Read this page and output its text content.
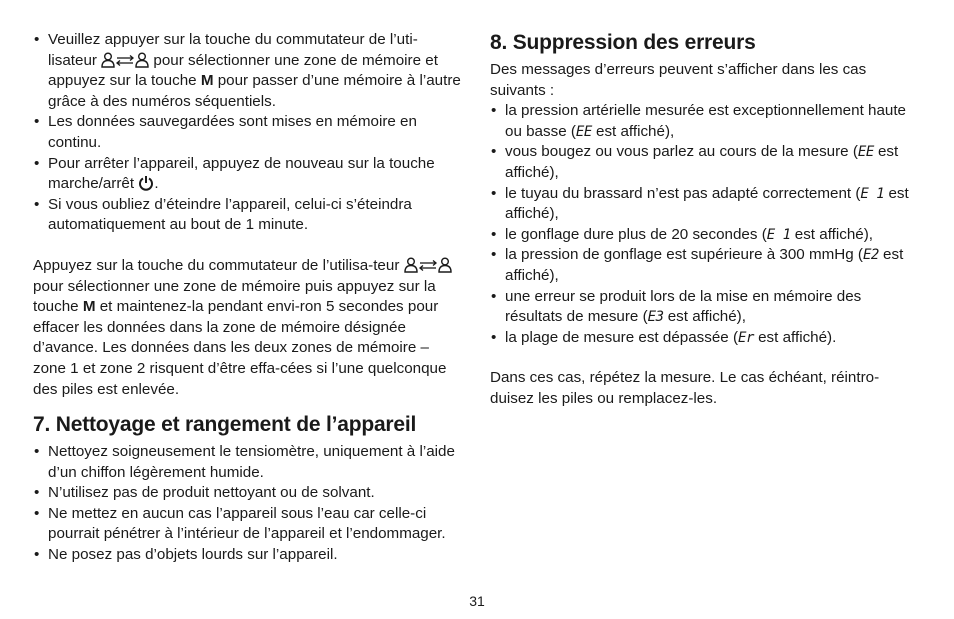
• Veuillez appuyer sur la touche du commutateur de l’uti-lisateur	pour sélectionner une zone de mémoire et appuyez sur la touche M pour passer d’une mémoire à l’autre grâce à des numéros séquentiels.
• Les données sauvegardées sont mises en mémoire en continu.
• Pour arrêter l’appareil, appuyez de nouveau sur la touche marche/arrêt .
• Si vous oubliez d’éteindre l’appareil, celui-ci s’éteindra automatiquement au bout de 1 minute.

Appuyez sur la touche du commutateur de l’utilisa-teur  pour sélectionner une zone de mémoire puis appuyez sur la touche M et maintenez-la pendant envi-ron 5 secondes pour effacer les données dans la zone de mémoire désignée d’avance. Les données dans les deux zones de mémoire – zone 1 et zone 2 risquent d’être effa-cées si l’une quelconque des piles est enlevée.

7. Nettoyage et rangement de l’appareil
• Nettoyez soigneusement le tensiomètre, uniquement à l’aide d’un chiffon légèrement humide.
• N’utilisez pas de produit nettoyant ou de solvant.
• Ne mettez en aucun cas l’appareil sous l’eau car celle-ci pourrait pénétrer à l’intérieur de l’appareil et l’endommager.
• Ne posez pas d’objets lourds sur l’appareil.
8. Suppression des erreurs

Des messages d’erreurs peuvent s’afficher dans les cas suivants :

• la pression artérielle mesurée est exceptionnellement haute ou basse (EE est affiché),
• vous bougez ou vous parlez au cours de la mesure (EE est affiché),
• le tuyau du brassard n’est pas adapté correctement (E 1 est affiché),
• le gonflage dure plus de 20 secondes (E 1 est affiché),
• la pression de gonflage est supérieure à 300 mmHg (E2 est affiché),
• une erreur se produit lors de la mise en mémoire des résultats de mesure (E3 est affiché),
• la plage de mesure est dépassée (Er est affiché).

Dans ces cas, répétez la mesure. Le cas échéant, réintro-duisez les piles ou remplacez-les.

31
